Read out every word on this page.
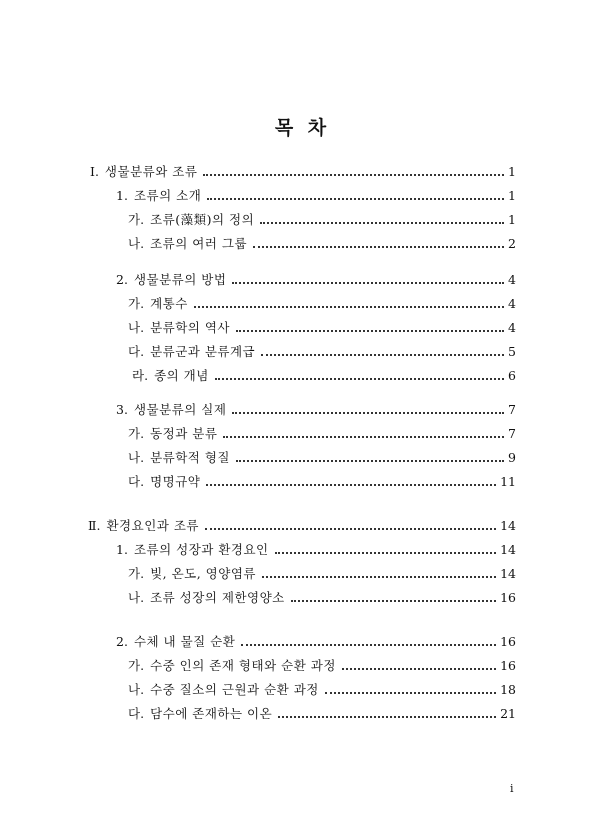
목 차
Ⅰ. 생물분류와 조류	1
1. 조류의 소개	1
가. 조류(藻類)의 정의	1
나. 조류의 여러 그룹	2
2. 생물분류의 방법	4
가. 계통수	4
나. 분류학의 역사	4
다. 분류군과 분류계급	5
라. 종의 개념	6
3. 생물분류의 실제	7
가. 동정과 분류	7
나. 분류학적 형질	9
다. 명명규약	11
Ⅱ. 환경요인과 조류	14
1. 조류의 성장과 환경요인	14
가. 빛, 온도, 영양염류	14
나. 조류 성장의 제한영양소	16
2. 수체 내 물질 순환	16
가. 수중 인의 존재 형태와 순환 과정	16
나. 수중 질소의 근원과 순환 과정	18
다. 담수에 존재하는 이온	21
i
